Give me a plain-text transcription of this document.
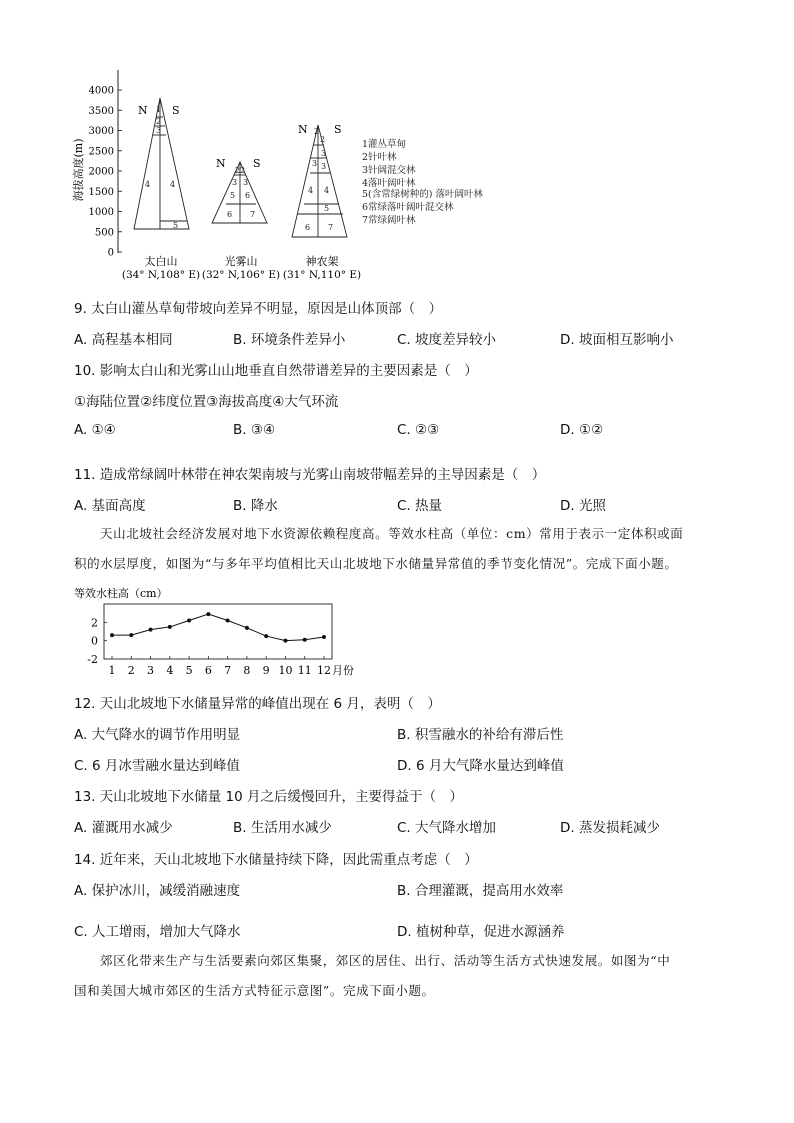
海拔高度(m)
4000
3500
3000
2500
2000
1500
1000
500
0
1
2
3
4 4
5
N S
2 2
3 3
5 6
6 7
N S
2
2
3
3
3
4 4
5
6 7
N S
太白山
(34° N,108° E)
光雾山
(32° N,106° E)
神农架
(31° N,110° E)
1灌丛草甸
2针叶林
3针阔混交林
4落叶阔叶林
5(含常绿树种的) 落叶阔叶林
6常绿落叶阔叶混交林
7常绿阔叶林
9. 太白山灌丛草甸带坡向差异不明显，原因是山体顶部（　）
A. 高程基本相同	B. 环境条件差异小	C. 坡度差异较小	D. 坡面相互影响小
10. 影响太白山和光雾山山地垂直自然带谱差异的主要因素是（　）
①海陆位置②纬度位置③海拔高度④大气环流
A. ①④	B. ③④	C. ②③	D. ①②
11. 造成常绿阔叶林带在神农架南坡与光雾山南坡带幅差异的主导因素是（　）
A. 基面高度	B. 降水	C. 热量	D. 光照
天山北坡社会经济发展对地下水资源依赖程度高。等效水柱高（单位：cm）常用于表示一定体积或面
积的水层厚度，如图为“与多年平均值相比天山北坡地下水储量异常值的季节变化情况”。完成下面小题。
等效水柱高（cm）
2
0
-2
1 2 3 4 5 6 7 8 9 10 11 12 月份
12. 天山北坡地下水储量异常的峰值出现在 6 月，表明（　）
A. 大气降水的调节作用明显	B. 积雪融水的补给有滞后性
C. 6 月冰雪融水量达到峰值	D. 6 月大气降水量达到峰值
13. 天山北坡地下水储量 10 月之后缓慢回升，主要得益于（　）
A. 灌溉用水减少	B. 生活用水减少	C. 大气降水增加	D. 蒸发损耗减少
14. 近年来，天山北坡地下水储量持续下降，因此需重点考虑（　）
A. 保护冰川，减缓消融速度	B. 合理灌溉，提高用水效率
C. 人工增雨，增加大气降水	D. 植树种草，促进水源涵养
郊区化带来生产与生活要素向郊区集聚，郊区的居住、出行、活动等生活方式快速发展。如图为“中
国和美国大城市郊区的生活方式特征示意图”。完成下面小题。
